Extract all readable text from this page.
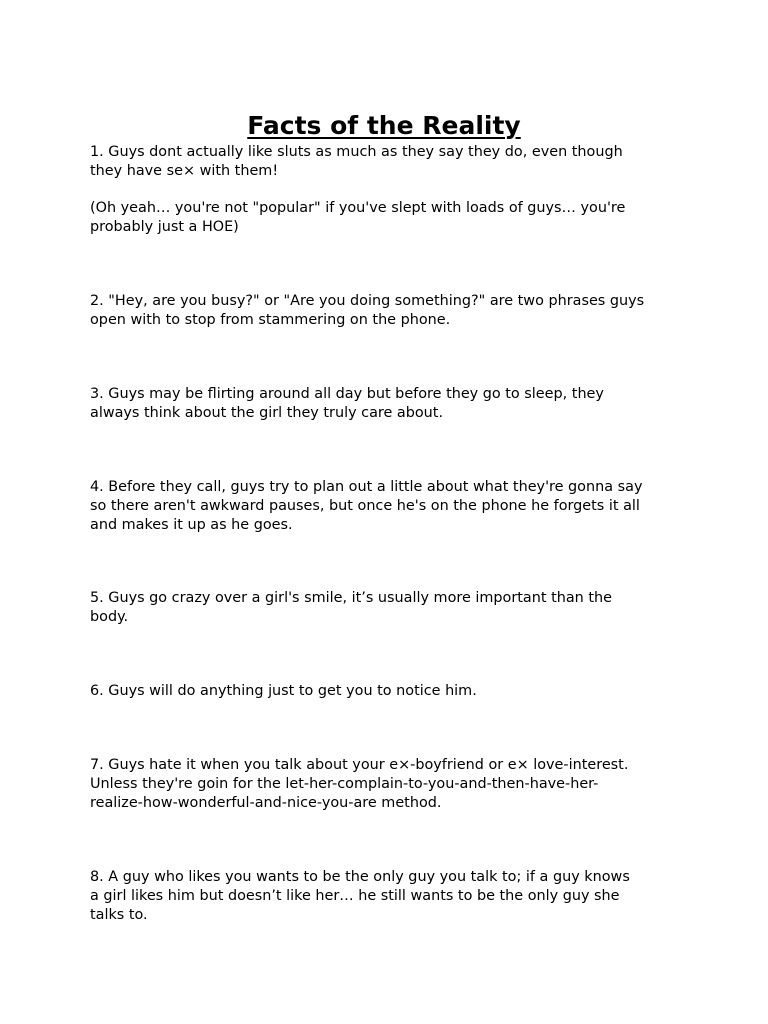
Facts of the Reality

1. Guys dont actually like sluts as much as they say they do, even though
they have se× with them!

(Oh yeah… you're not "popular" if you've slept with loads of guys… you're
probably just a HOE)

2. "Hey, are you busy?" or "Are you doing something?" are two phrases guys
open with to stop from stammering on the phone.

3. Guys may be flirting around all day but before they go to sleep, they
always think about the girl they truly care about.

4. Before they call, guys try to plan out a little about what they're gonna say
so there aren't awkward pauses, but once he's on the phone he forgets it all
and makes it up as he goes.

5. Guys go crazy over a girl's smile, it’s usually more important than the
body.

6. Guys will do anything just to get you to notice him.

7. Guys hate it when you talk about your e×-boyfriend or e× love-interest.
Unless they're goin for the let-her-complain-to-you-and-then-have-her-
realize-how-wonderful-and-nice-you-are method.

8. A guy who likes you wants to be the only guy you talk to; if a guy knows
a girl likes him but doesn’t like her… he still wants to be the only guy she
talks to.
